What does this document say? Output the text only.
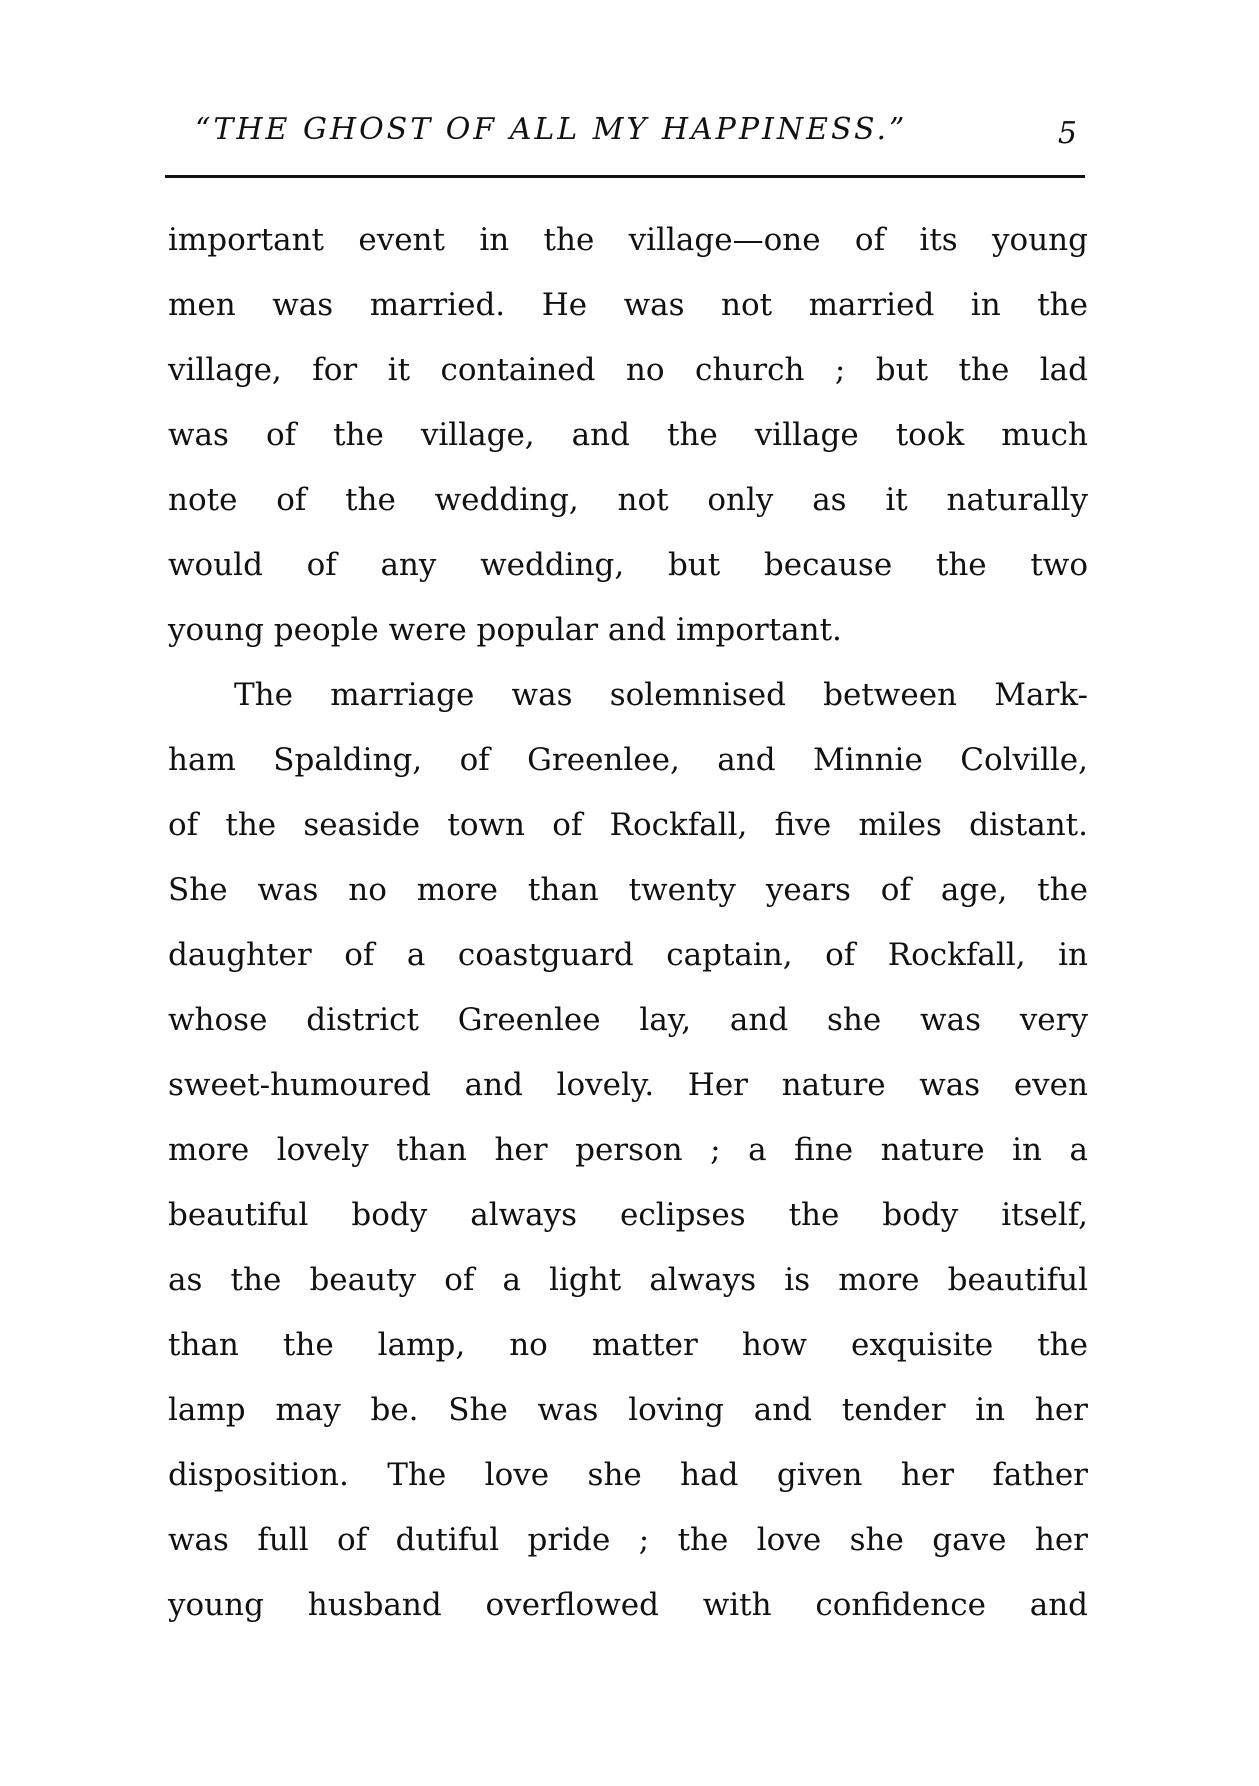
“THE GHOST OF ALL MY HAPPINESS.”	5
important event in the village—one of its young
men was married. He was not married in the
village, for it contained no church ; but the lad
was of the village, and the village took much
note of the wedding, not only as it naturally
would of any wedding, but because the two
young people were popular and important.
The marriage was solemnised between Mark-
ham Spalding, of Greenlee, and Minnie Colville,
of the seaside town of Rockfall, five miles distant.
She was no more than twenty years of age, the
daughter of a coastguard captain, of Rockfall, in
whose district Greenlee lay, and she was very
sweet-humoured and lovely. Her nature was even
more lovely than her person ; a fine nature in a
beautiful body always eclipses the body itself,
as the beauty of a light always is more beautiful
than the lamp, no matter how exquisite the
lamp may be. She was loving and tender in her
disposition. The love she had given her father
was full of dutiful pride ; the love she gave her
young husband overflowed with confidence and
